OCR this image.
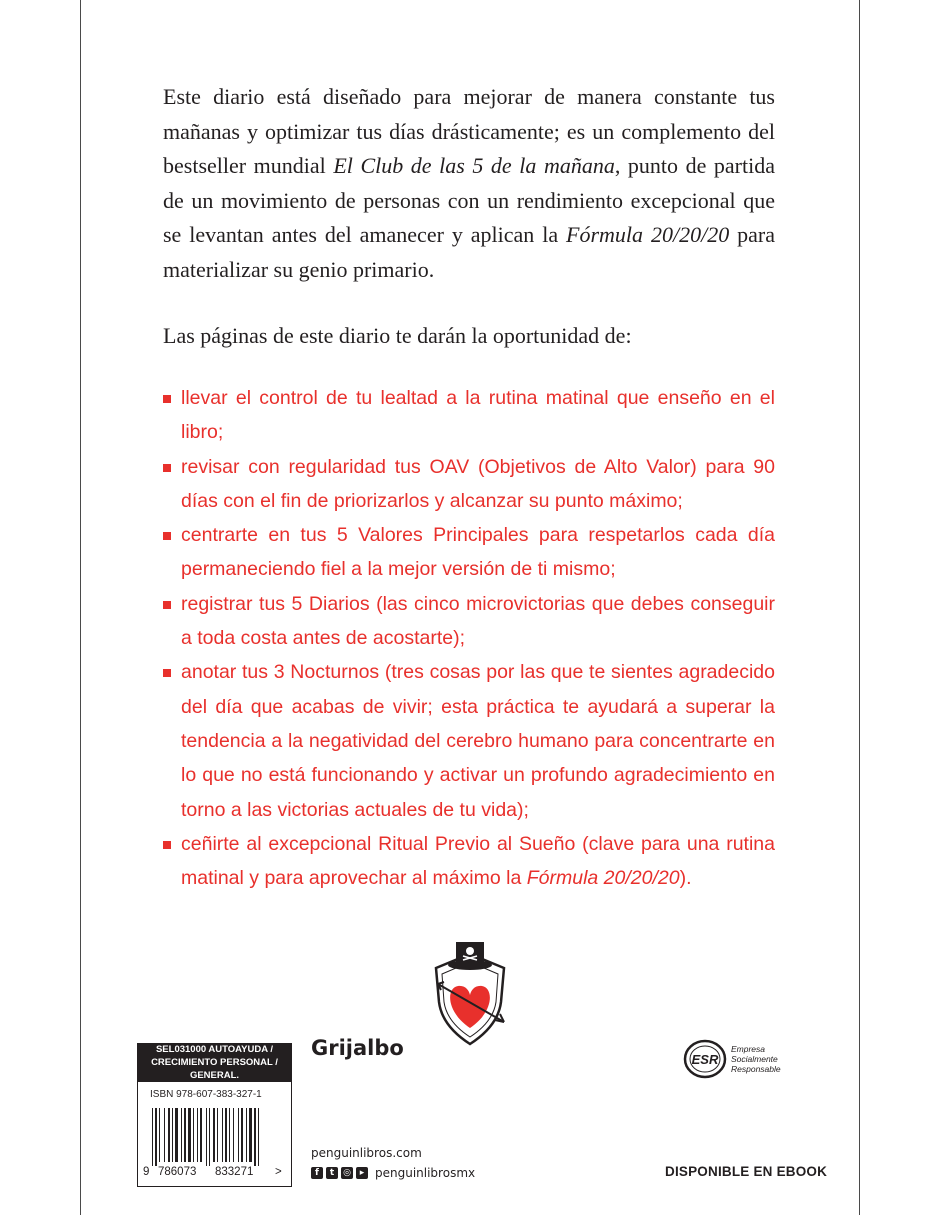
Este diario está diseñado para mejorar de manera constante tus mañanas y optimizar tus días drásticamente; es un complemento del bestseller mundial El Club de las 5 de la mañana, punto de partida de un movimiento de personas con un rendimiento excepcional que se levantan antes del amanecer y aplican la Fórmula 20/20/20 para materializar su genio primario.

Las páginas de este diario te darán la oportunidad de:

llevar el control de tu lealtad a la rutina matinal que enseño en el libro;
revisar con regularidad tus OAV (Objetivos de Alto Valor) para 90 días con el fin de priorizarlos y alcanzar su punto máximo;
centrarte en tus 5 Valores Principales para respetarlos cada día permaneciendo fiel a la mejor versión de ti mismo;
registrar tus 5 Diarios (las cinco microvictorias que debes conseguir a toda costa antes de acostarte);
anotar tus 3 Nocturnos (tres cosas por las que te sientes agradecido del día que acabas de vivir; esta práctica te ayudará a superar la tendencia a la negatividad del cerebro humano para concentrarte en lo que no está funcionando y activar un profundo agradecimiento en torno a las victorias actuales de tu vida);
ceñirte al excepcional Ritual Previo al Sueño (clave para una rutina matinal y para aprovechar al máximo la Fórmula 20/20/20).
SEL031000 AUTOAYUDA /
CRECIMIENTO PERSONAL / GENERAL.
ISBN 978-607-383-327-1
9 786073 833271 >
Grijalbo
penguinlibros.com
f	t ◎ ▸ penguinlibrosmx
ESR
Empresa
Socialmente
Responsable
DISPONIBLE EN EBOOK
